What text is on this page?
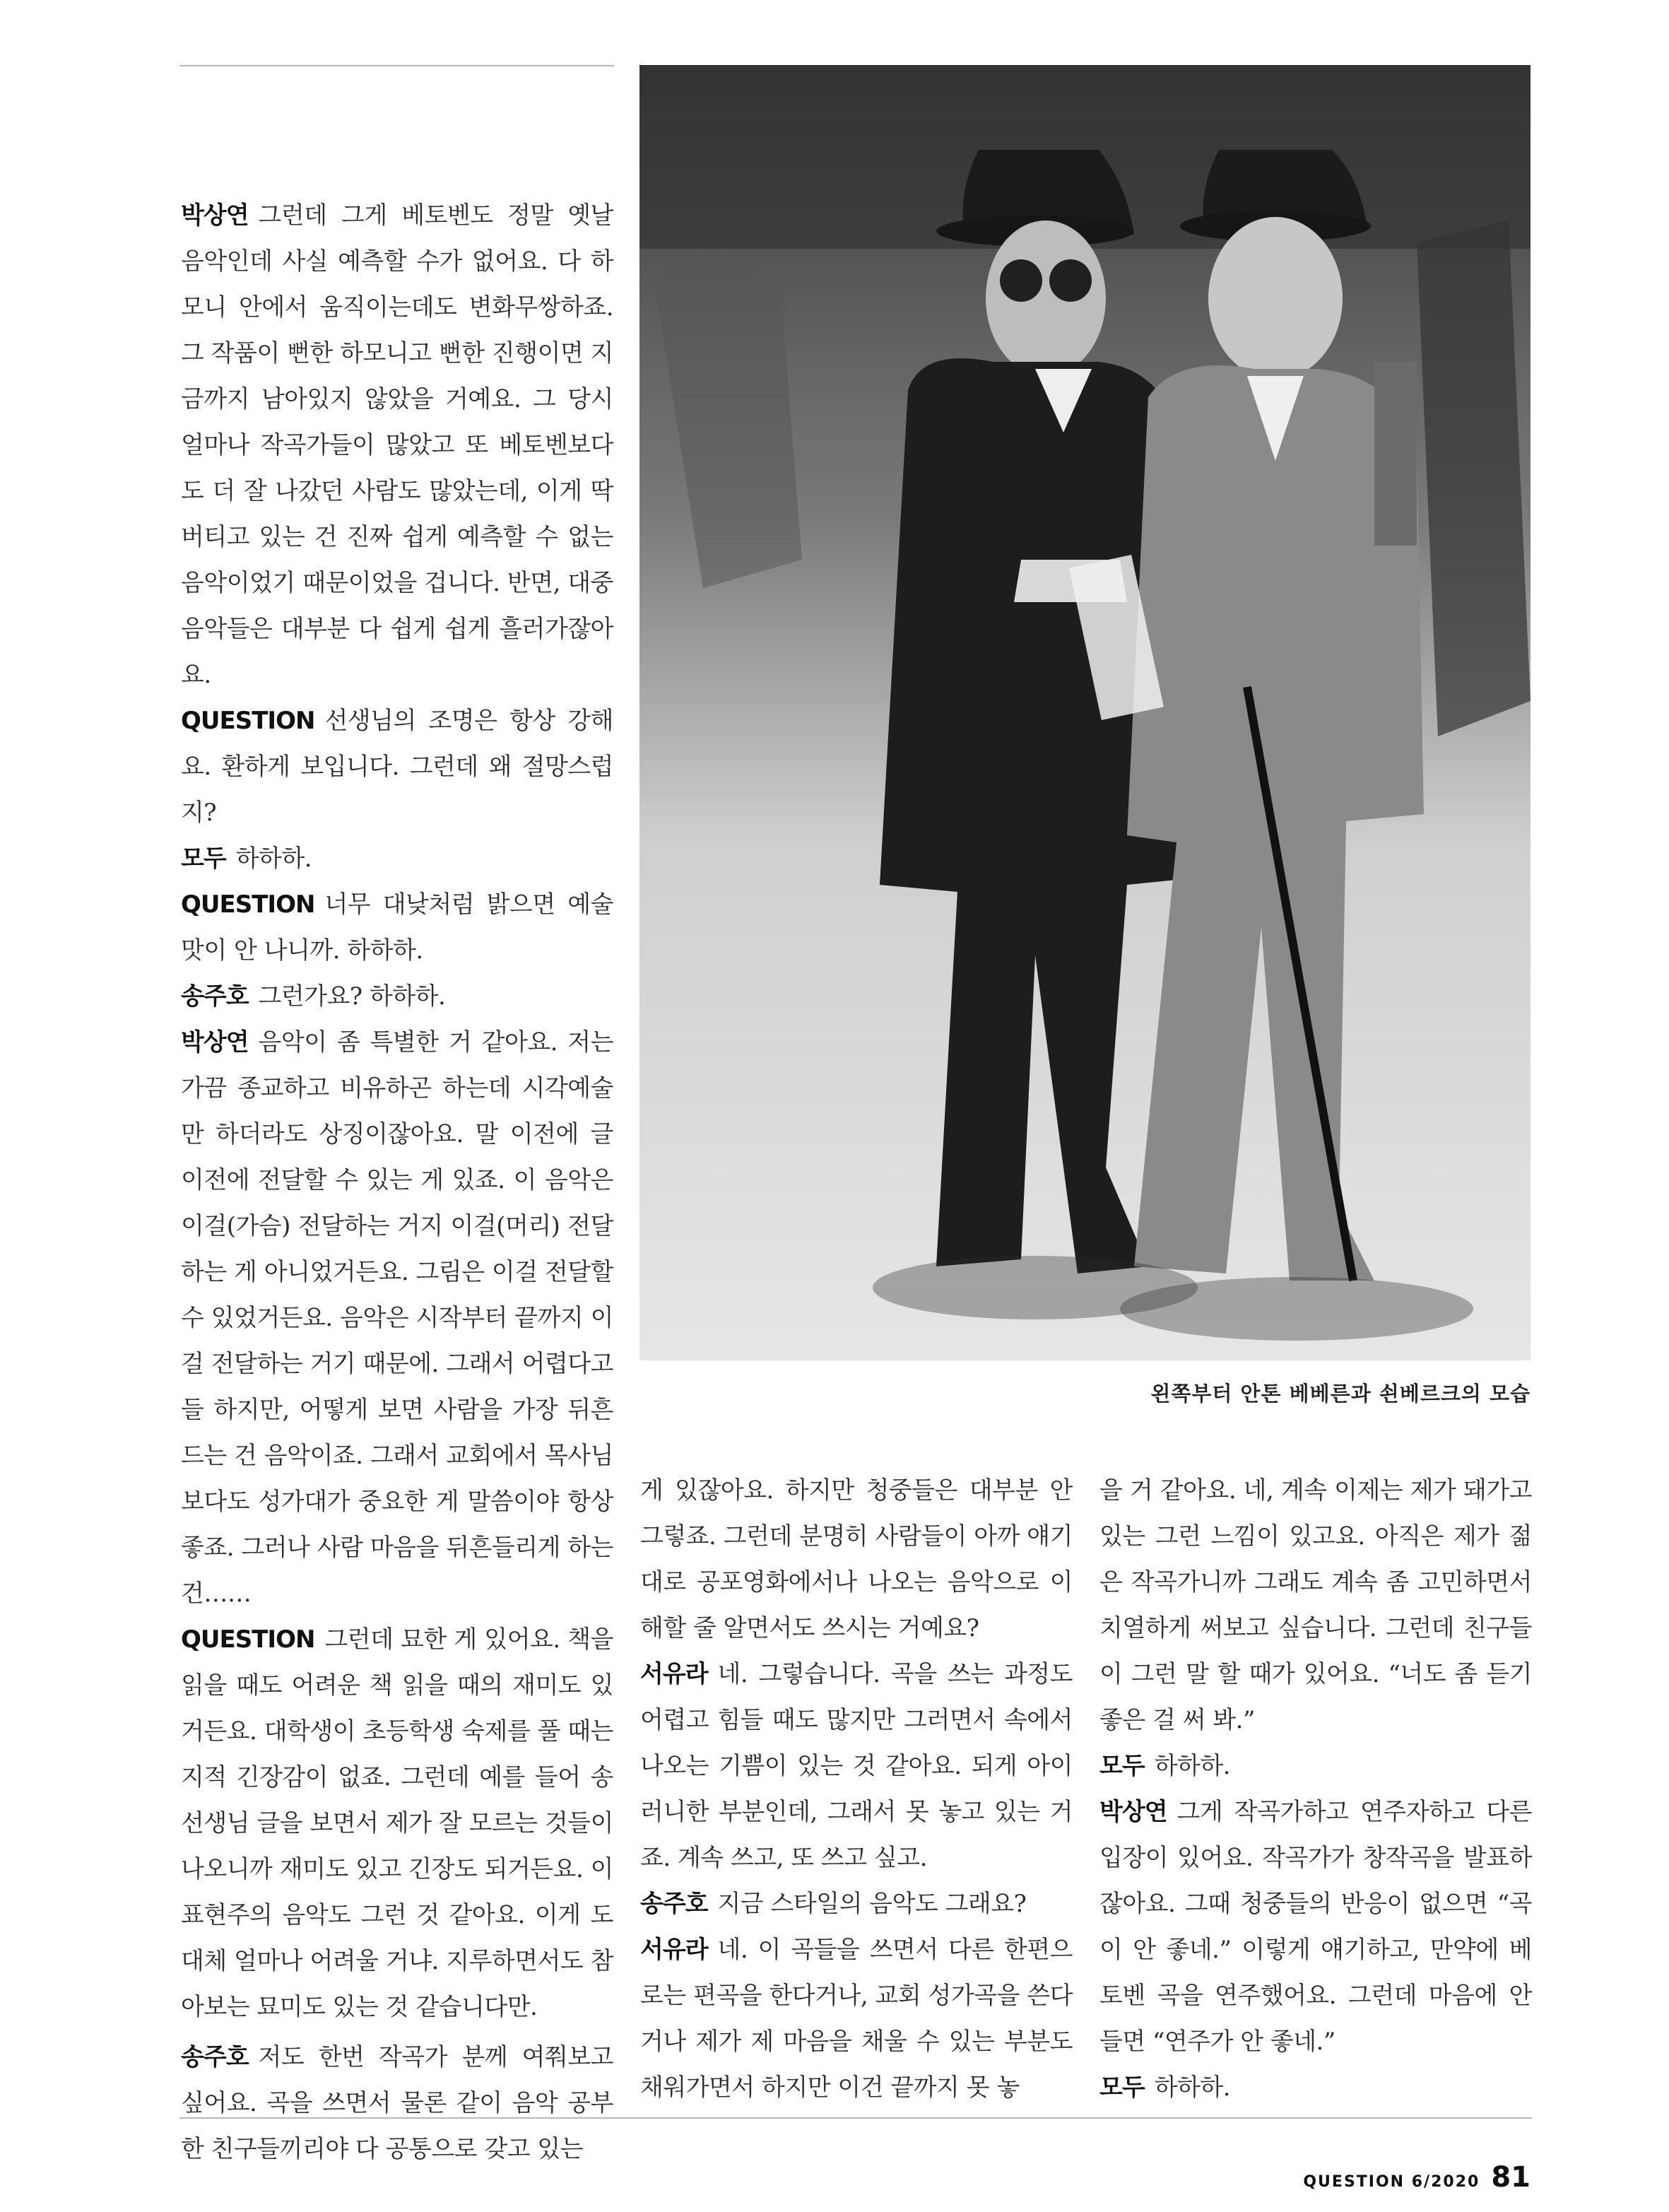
박상연 그런데 그게 베토벤도 정말 옛날 음악인데 사실 예측할 수가 없어요. 다 하모니 안에서 움직이는데도 변화무쌍하죠. 그 작품이 뻔한 하모니고 뻔한 진행이면 지금까지 남아있지 않았을 거예요. 그 당시 얼마나 작곡가들이 많았고 또 베토벤보다도 더 잘 나갔던 사람도 많았는데, 이게 딱 버티고 있는 건 진짜 쉽게 예측할 수 없는 음악이었기 때문이었을 겁니다. 반면, 대중음악들은 대부분 다 쉽게 쉽게 흘러가잖아요.

QUESTION 선생님의 조명은 항상 강해요. 환하게 보입니다. 그런데 왜 절망스럽지?

모두 하하하.

QUESTION 너무 대낮처럼 밝으면 예술 맛이 안 나니까. 하하하.

송주호 그런가요? 하하하.

박상연 음악이 좀 특별한 거 같아요. 저는 가끔 종교하고 비유하곤 하는데 시각예술만 하더라도 상징이잖아요. 말 이전에 글 이전에 전달할 수 있는 게 있죠. 이 음악은 이걸(가슴) 전달하는 거지 이걸(머리) 전달하는 게 아니었거든요. 그림은 이걸 전달할 수 있었거든요. 음악은 시작부터 끝까지 이걸 전달하는 거기 때문에. 그래서 어렵다고들 하지만, 어떻게 보면 사람을 가장 뒤흔드는 건 음악이죠. 그래서 교회에서 목사님보다도 성가대가 중요한 게 말씀이야 항상 좋죠. 그러나 사람 마음을 뒤흔들리게 하는 건……

QUESTION 그런데 묘한 게 있어요. 책을 읽을 때도 어려운 책 읽을 때의 재미도 있거든요. 대학생이 초등학생 숙제를 풀 때는 지적 긴장감이 없죠. 그런데 예를 들어 송 선생님 글을 보면서 제가 잘 모르는 것들이 나오니까 재미도 있고 긴장도 되거든요. 이 표현주의 음악도 그런 것 같아요. 이게 도대체 얼마나 어려울 거냐. 지루하면서도 참아보는 묘미도 있는 것 같습니다만.

송주호 저도 한번 작곡가 분께 여쭤보고 싶어요. 곡을 쓰면서 물론 같이 음악 공부한 친구들끼리야 다 공통으로 갖고 있는

왼쪽부터 안톤 베베른과 쇤베르크의 모습

게 있잖아요. 하지만 청중들은 대부분 안 그렇죠. 그런데 분명히 사람들이 아까 얘기대로 공포영화에서나 나오는 음악으로 이해할 줄 알면서도 쓰시는 거예요?

서유라 네. 그렇습니다. 곡을 쓰는 과정도 어렵고 힘들 때도 많지만 그러면서 속에서 나오는 기쁨이 있는 것 같아요. 되게 아이러니한 부분인데, 그래서 못 놓고 있는 거죠. 계속 쓰고, 또 쓰고 싶고.

송주호 지금 스타일의 음악도 그래요?

서유라 네. 이 곡들을 쓰면서 다른 한편으로는 편곡을 한다거나, 교회 성가곡을 쓴다거나 제가 제 마음을 채울 수 있는 부분도 채워가면서 하지만 이건 끝까지 못 놓

을 거 같아요. 네, 계속 이제는 제가 돼가고 있는 그런 느낌이 있고요. 아직은 제가 젊은 작곡가니까 그래도 계속 좀 고민하면서 치열하게 써보고 싶습니다. 그런데 친구들이 그런 말 할 때가 있어요. “너도 좀 듣기 좋은 걸 써 봐.”

모두 하하하.

박상연 그게 작곡가하고 연주자하고 다른 입장이 있어요. 작곡가가 창작곡을 발표하잖아요. 그때 청중들의 반응이 없으면 “곡이 안 좋네.” 이렇게 얘기하고, 만약에 베토벤 곡을 연주했어요. 그런데 마음에 안 들면 “연주가 안 좋네.”

모두 하하하.

QUESTION 6/2020 81
